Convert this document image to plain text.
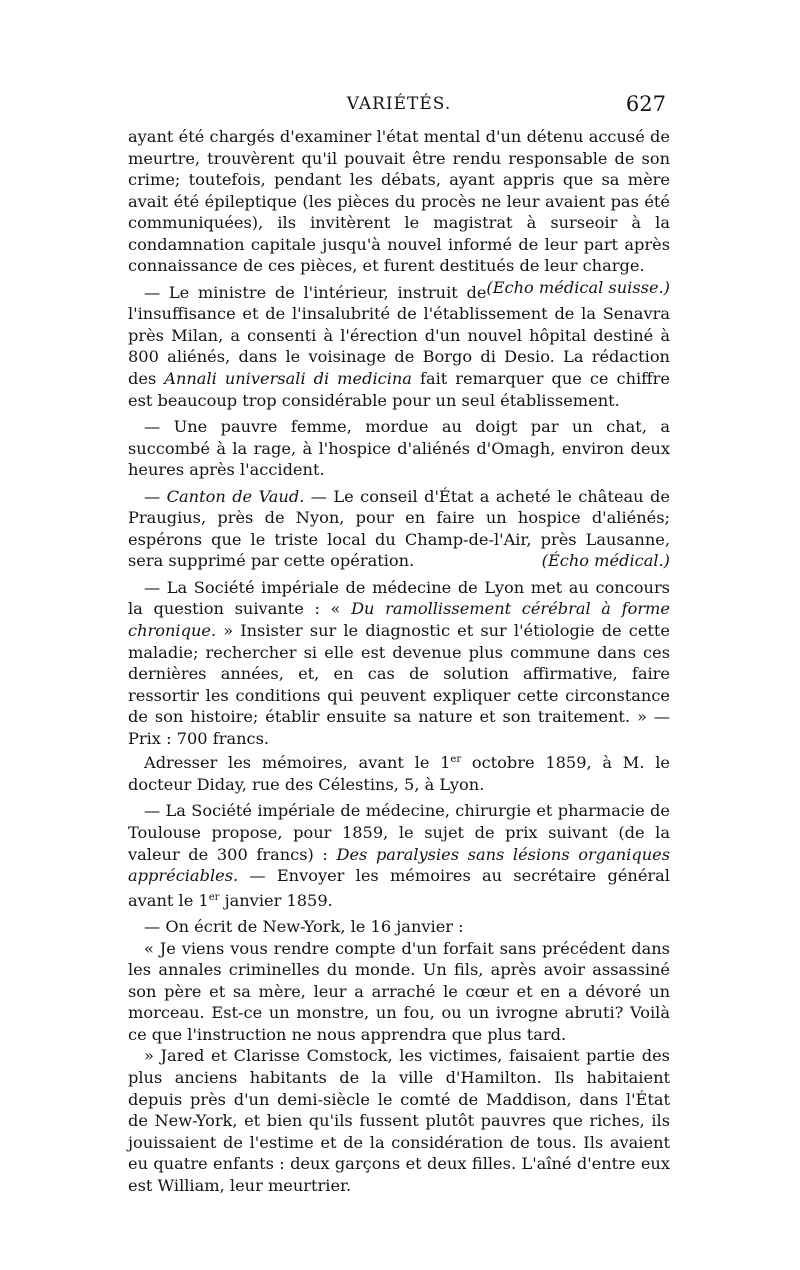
VARIÉTÉS.	627

ayant été chargés d'examiner l'état mental d'un détenu accusé de meurtre, trouvèrent qu'il pouvait être rendu responsable de son crime; toutefois, pendant les débats, ayant appris que sa mère avait été épileptique (les pièces du procès ne leur avaient pas été communiquées), ils invitèrent le magistrat à surseoir à la condamnation capitale jusqu'à nouvel informé de leur part après connaissance de ces pièces, et furent destitués de leur charge.
(Echo médical suisse.)

— Le ministre de l'intérieur, instruit de l'insuffisance et de l'insalubrité de l'établissement de la Senavra près Milan, a consenti à l'érection d'un nouvel hôpital destiné à 800 aliénés, dans le voisinage de Borgo di Desio. La rédaction des Annali universali di medicina fait remarquer que ce chiffre est beaucoup trop considérable pour un seul établissement.

— Une pauvre femme, mordue au doigt par un chat, a succombé à la rage, à l'hospice d'aliénés d'Omagh, environ deux heures après l'accident.

— Canton de Vaud. — Le conseil d'État a acheté le château de Praugius, près de Nyon, pour en faire un hospice d'aliénés; espérons que le triste local du Champ-de-l'Air, près Lausanne, sera supprimé par cette opération.	(Écho médical.)

— La Société impériale de médecine de Lyon met au concours la question suivante : « Du ramollissement cérébral à forme chronique. » Insister sur le diagnostic et sur l'étiologie de cette maladie; rechercher si elle est devenue plus commune dans ces dernières années, et, en cas de solution affirmative, faire ressortir les conditions qui peuvent expliquer cette circonstance de son histoire; établir ensuite sa nature et son traitement. » — Prix : 700 francs.

Adresser les mémoires, avant le 1er octobre 1859, à M. le docteur Diday, rue des Célestins, 5, à Lyon.

— La Société impériale de médecine, chirurgie et pharmacie de Toulouse propose, pour 1859, le sujet de prix suivant (de la valeur de 300 francs) : Des paralysies sans lésions organiques appréciables. — Envoyer les mémoires au secrétaire général avant le 1er janvier 1859.

— On écrit de New-York, le 16 janvier :

« Je viens vous rendre compte d'un forfait sans précédent dans les annales criminelles du monde. Un fils, après avoir assassiné son père et sa mère, leur a arraché le cœur et en a dévoré un morceau. Est-ce un monstre, un fou, ou un ivrogne abruti? Voilà ce que l'instruction ne nous apprendra que plus tard.

» Jared et Clarisse Comstock, les victimes, faisaient partie des plus anciens habitants de la ville d'Hamilton. Ils habitaient depuis près d'un demi-siècle le comté de Maddison, dans l'État de New-York, et bien qu'ils fussent plutôt pauvres que riches, ils jouissaient de l'estime et de la considération de tous. Ils avaient eu quatre enfants : deux garçons et deux filles. L'aîné d'entre eux est William, leur meurtrier.
